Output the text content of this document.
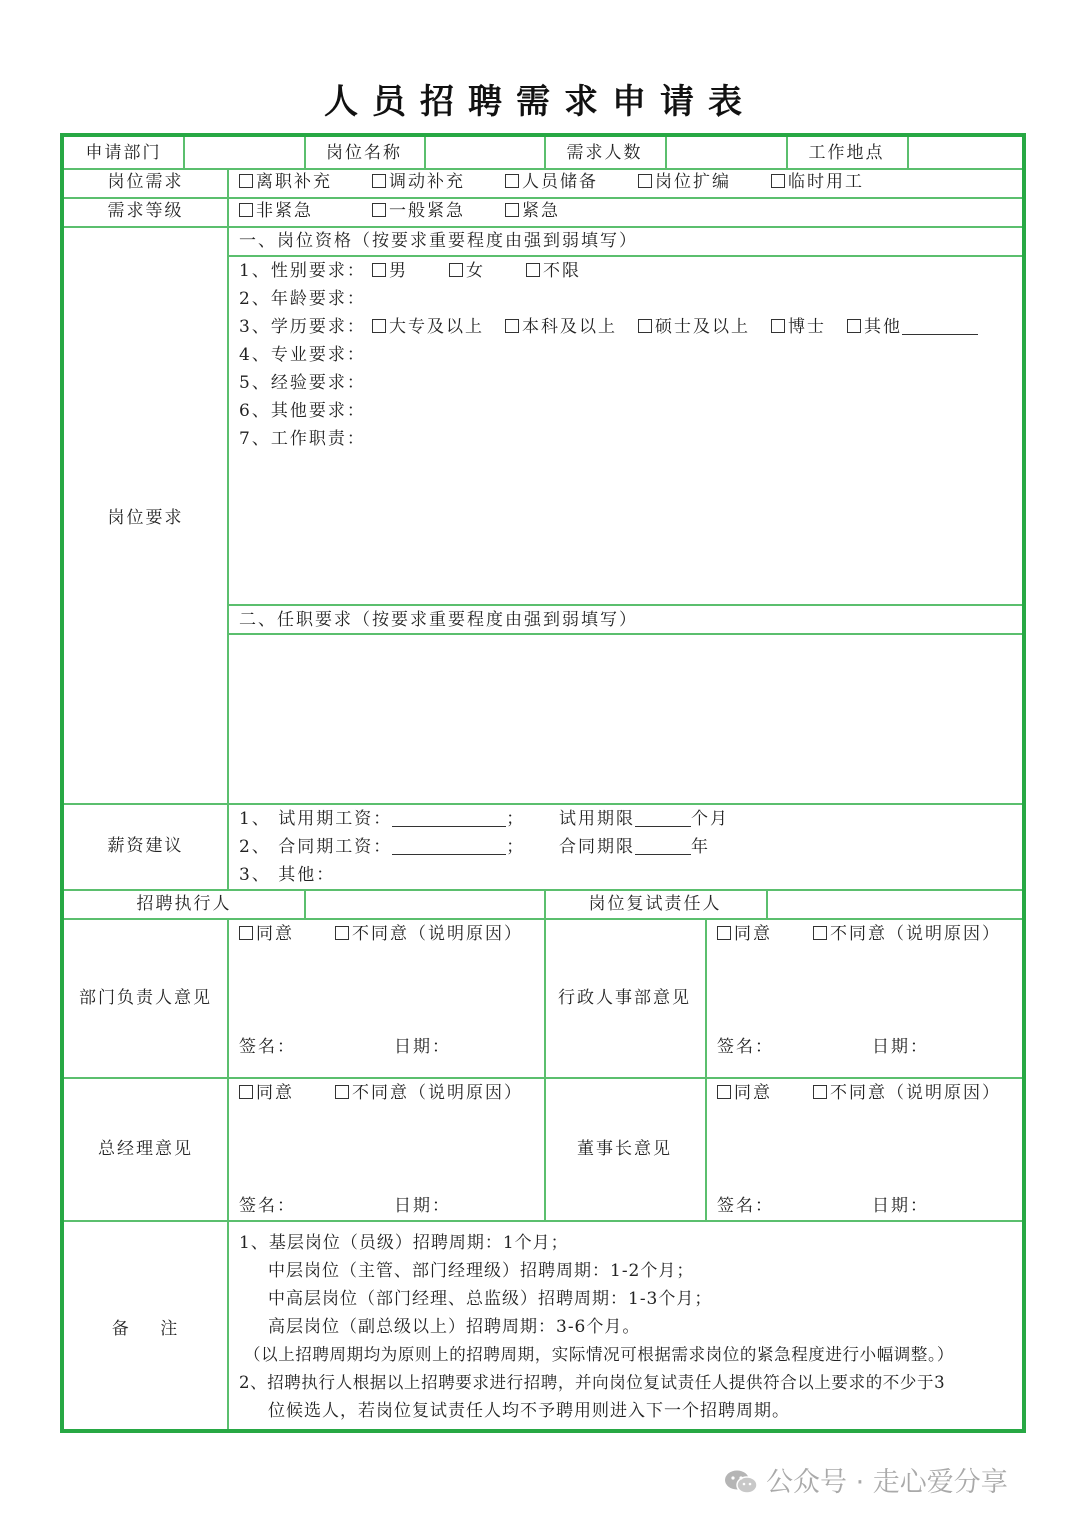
人员招聘需求申请表
申请部门	岗位名称	需求人数	工作地点
岗位需求	离职补充	调动补充	人员储备	岗位扩编	临时用工
需求等级	非紧急	一般紧急	紧急
岗位要求
一、岗位资格（按要求重要程度由强到弱填写）
1、性别要求：	男	女	不限
2、年龄要求：
3、学历要求：	大专及以上	本科及以上	硕士及以上	博士	其他
4、专业要求：
5、经验要求：
6、其他要求：
7、工作职责：
二、任职要求（按要求重要程度由强到弱填写）
薪资建议
1、 试用期工资：	； 试用期限	个月
2、 合同期工资：	； 合同期限	年
3、 其他：
招聘执行人	岗位复试责任人
部门负责人意见
同意	不同意（说明原因）
签名：	日期：
行政人事部意见
同意	不同意（说明原因）
签名：	日期：
总经理意见
同意	不同意（说明原因）
签名：	日期：
董事长意见
同意	不同意（说明原因）
签名：	日期：
备    注
1、基层岗位（员级）招聘周期：1个月；
中层岗位（主管、部门经理级）招聘周期：1-2个月；
中高层岗位（部门经理、总监级）招聘周期：1-3个月；
高层岗位（副总级以上）招聘周期：3-6个月。
（以上招聘周期均为原则上的招聘周期，实际情况可根据需求岗位的紧急程度进行小幅调整。）
2、招聘执行人根据以上招聘要求进行招聘，并向岗位复试责任人提供符合以上要求的不少于3
位候选人，若岗位复试责任人均不予聘用则进入下一个招聘周期。
公众号 · 走心爱分享
